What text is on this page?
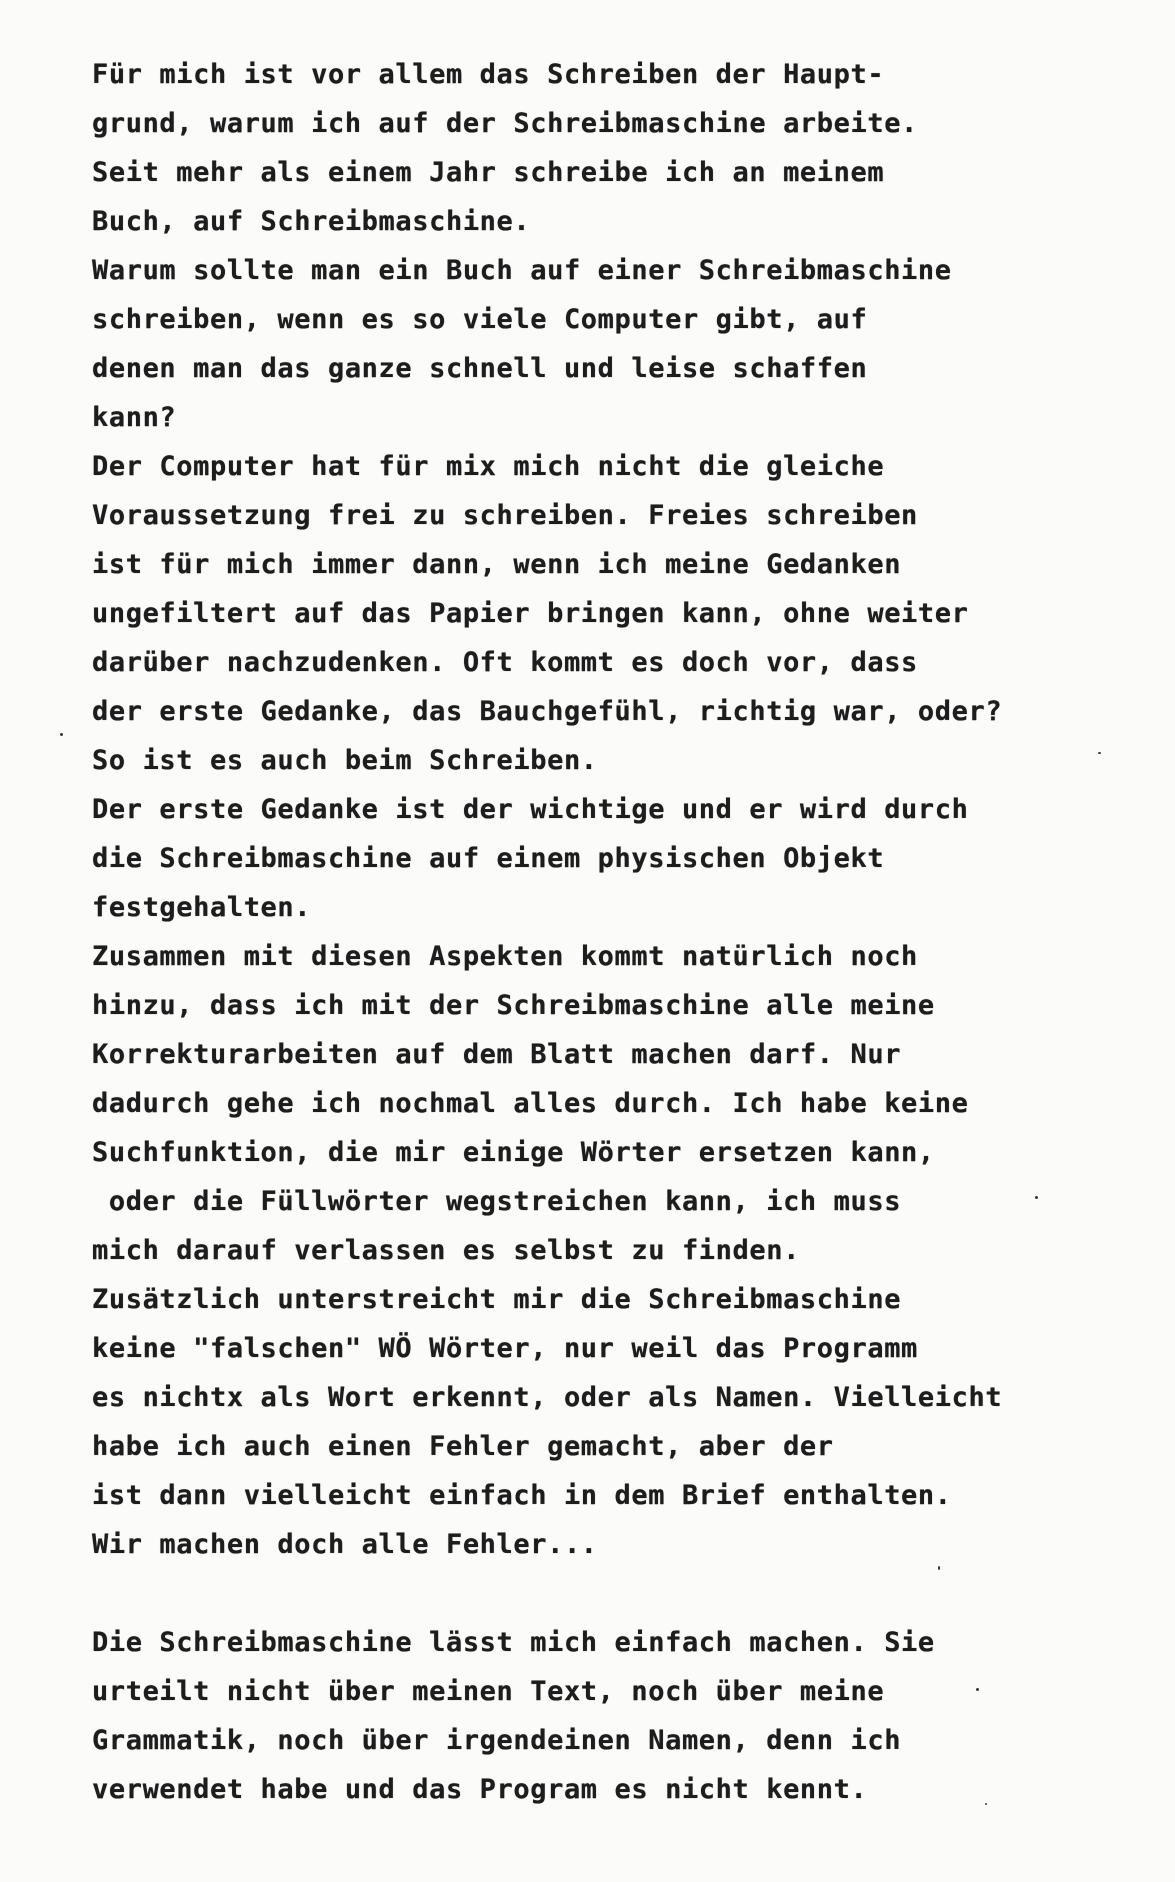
Für mich ist vor allem das Schreiben der Haupt-
grund, warum ich auf der Schreibmaschine arbeite.
Seit mehr als einem Jahr schreibe ich an meinem
Buch, auf Schreibmaschine.
Warum sollte man ein Buch auf einer Schreibmaschine
schreiben, wenn es so viele Computer gibt, auf
denen man das ganze schnell und leise schaffen
kann?
Der Computer hat für mix mich nicht die gleiche
Voraussetzung frei zu schreiben. Freies schreiben
ist für mich immer dann, wenn ich meine Gedanken
ungefiltert auf das Papier bringen kann, ohne weiter
darüber nachzudenken. Oft kommt es doch vor, dass
der erste Gedanke, das Bauchgefühl, richtig war, oder?
So ist es auch beim Schreiben.
Der erste Gedanke ist der wichtige und er wird durch
die Schreibmaschine auf einem physischen Objekt
festgehalten.
Zusammen mit diesen Aspekten kommt natürlich noch
hinzu, dass ich mit der Schreibmaschine alle meine
Korrekturarbeiten auf dem Blatt machen darf. Nur
dadurch gehe ich nochmal alles durch. Ich habe keine
Suchfunktion, die mir einige Wörter ersetzen kann,
oder die Füllwörter wegstreichen kann, ich muss
mich darauf verlassen es selbst zu finden.
Zusätzlich unterstreicht mir die Schreibmaschine
keine "falschen" WÖ Wörter, nur weil das Programm
es nichtx als Wort erkennt, oder als Namen. Vielleicht
habe ich auch einen Fehler gemacht, aber der
ist dann vielleicht einfach in dem Brief enthalten.
Wir machen doch alle Fehler...
Die Schreibmaschine lässt mich einfach machen. Sie
urteilt nicht über meinen Text, noch über meine
Grammatik, noch über irgendeinen Namen, denn ich
verwendet habe und das Program es nicht kennt.
